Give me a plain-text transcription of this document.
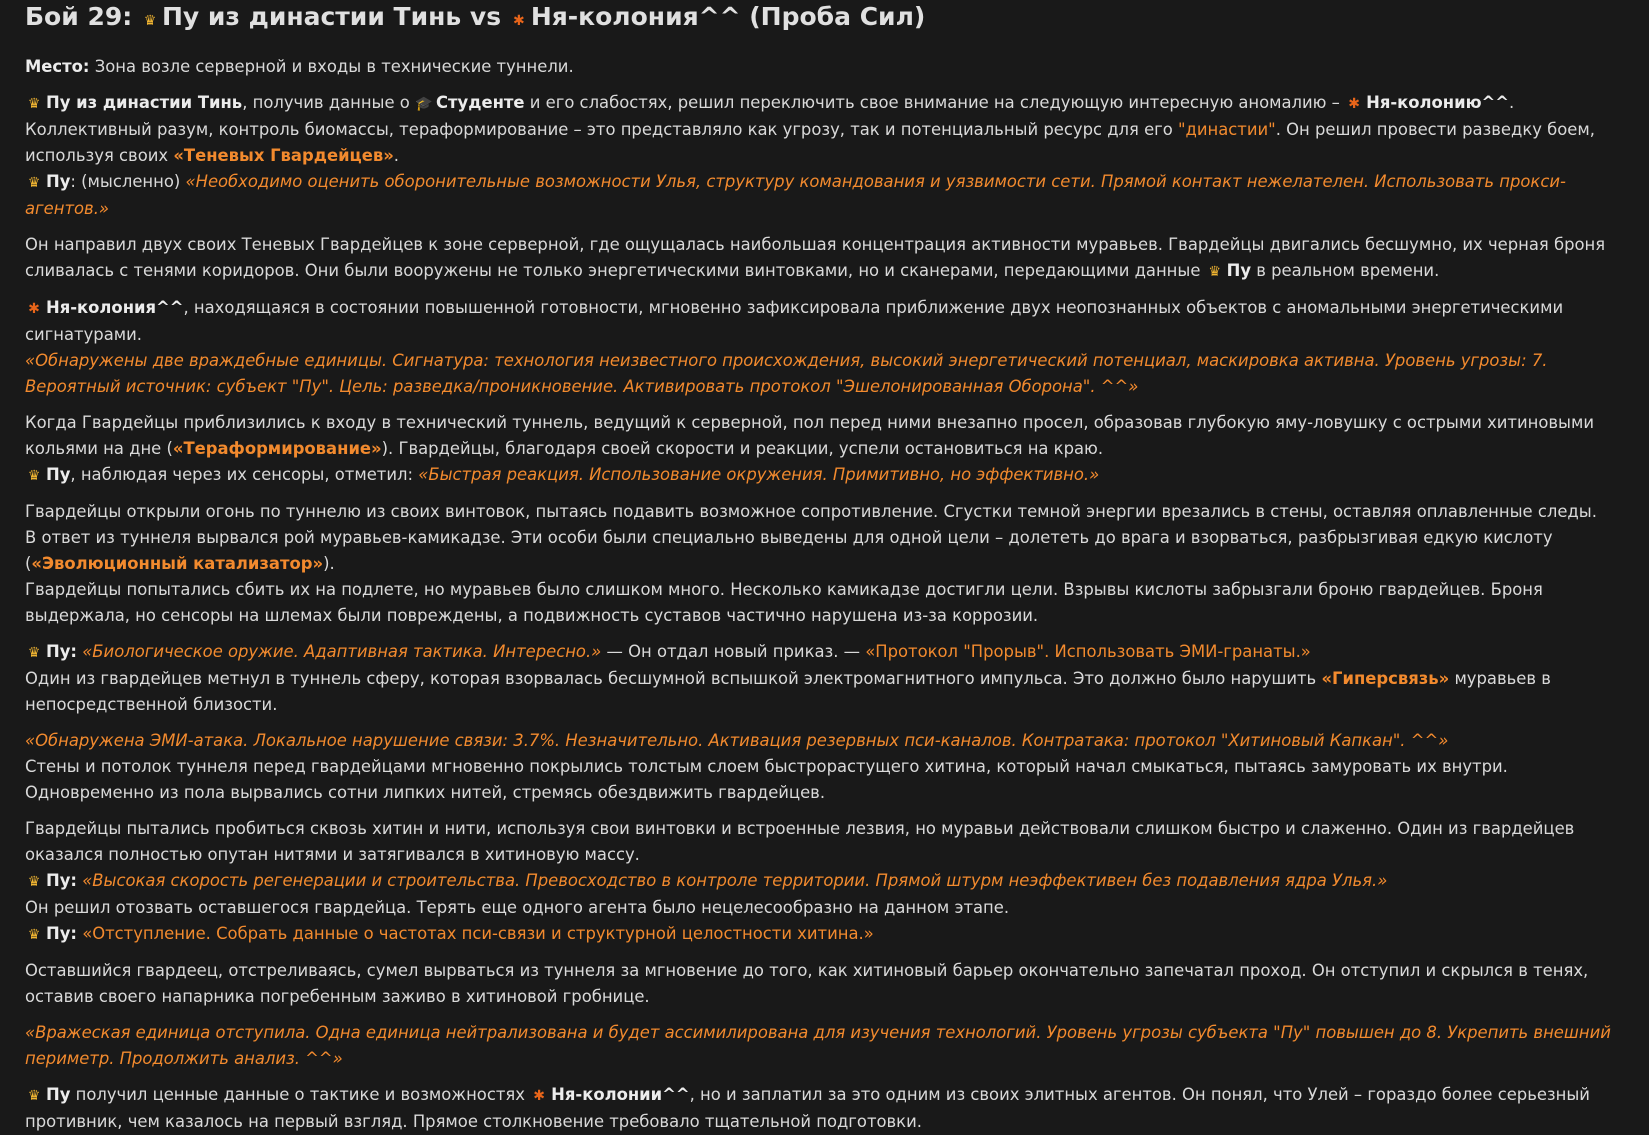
Бой 29: ♛ Пу из династии Тинь vs ✱ Ня-колония^^ (Проба Сил)

Место: Зона возле серверной и входы в технические туннели.

♛ Пу из династии Тинь, получив данные о 🎓 Студенте и его слабостях, решил переключить свое внимание на следующую интересную аномалию – ✱ Ня-колонию^^. Коллективный разум, контроль биомассы, тераформирование – это представляло как угрозу, так и потенциальный ресурс для его "династии". Он решил провести разведку боем, используя своих «Теневых Гвардейцев».

♛ Пу: (мысленно) «Необходимо оценить оборонительные возможности Улья, структуру командования и уязвимости сети. Прямой контакт нежелателен. Использовать прокси-агентов.»

Он направил двух своих Теневых Гвардейцев к зоне серверной, где ощущалась наибольшая концентрация активности муравьев. Гвардейцы двигались бесшумно, их черная броня сливалась с тенями коридоров. Они были вооружены не только энергетическими винтовками, но и сканерами, передающими данные ♛ Пу в реальном времени.

✱ Ня-колония^^, находящаяся в состоянии повышенной готовности, мгновенно зафиксировала приближение двух неопознанных объектов с аномальными энергетическими сигнатурами.

«Обнаружены две враждебные единицы. Сигнатура: технология неизвестного происхождения, высокий энергетический потенциал, маскировка активна. Уровень угрозы: 7. Вероятный источник: субъект "Пу". Цель: разведка/проникновение. Активировать протокол "Эшелонированная Оборона". ^^»

Когда Гвардейцы приблизились к входу в технический туннель, ведущий к серверной, пол перед ними внезапно просел, образовав глубокую яму-ловушку с острыми хитиновыми кольями на дне («Тераформирование»). Гвардейцы, благодаря своей скорости и реакции, успели остановиться на краю.

♛ Пу, наблюдая через их сенсоры, отметил: «Быстрая реакция. Использование окружения. Примитивно, но эффективно.»

Гвардейцы открыли огонь по туннелю из своих винтовок, пытаясь подавить возможное сопротивление. Сгустки темной энергии врезались в стены, оставляя оплавленные следы.

В ответ из туннеля вырвался рой муравьев-камикадзе. Эти особи были специально выведены для одной цели – долететь до врага и взорваться, разбрызгивая едкую кислоту («Эволюционный катализатор»).

Гвардейцы попытались сбить их на подлете, но муравьев было слишком много. Несколько камикадзе достигли цели. Взрывы кислоты забрызгали броню гвардейцев. Броня выдержала, но сенсоры на шлемах были повреждены, а подвижность суставов частично нарушена из-за коррозии.

♛ Пу: «Биологическое оружие. Адаптивная тактика. Интересно.» — Он отдал новый приказ. — «Протокол "Прорыв". Использовать ЭМИ-гранаты.»

Один из гвардейцев метнул в туннель сферу, которая взорвалась бесшумной вспышкой электромагнитного импульса. Это должно было нарушить «Гиперсвязь» муравьев в непосредственной близости.

«Обнаружена ЭМИ-атака. Локальное нарушение связи: 3.7%. Незначительно. Активация резервных пси-каналов. Контратака: протокол "Хитиновый Капкан". ^^»

Стены и потолок туннеля перед гвардейцами мгновенно покрылись толстым слоем быстрорастущего хитина, который начал смыкаться, пытаясь замуровать их внутри. Одновременно из пола вырвались сотни липких нитей, стремясь обездвижить гвардейцев.

Гвардейцы пытались пробиться сквозь хитин и нити, используя свои винтовки и встроенные лезвия, но муравьи действовали слишком быстро и слаженно. Один из гвардейцев оказался полностью опутан нитями и затягивался в хитиновую массу.

♛ Пу: «Высокая скорость регенерации и строительства. Превосходство в контроле территории. Прямой штурм неэффективен без подавления ядра Улья.»

Он решил отозвать оставшегося гвардейца. Терять еще одного агента было нецелесообразно на данном этапе.

♛ Пу: «Отступление. Собрать данные о частотах пси-связи и структурной целостности хитина.»

Оставшийся гвардеец, отстреливаясь, сумел вырваться из туннеля за мгновение до того, как хитиновый барьер окончательно запечатал проход. Он отступил и скрылся в тенях, оставив своего напарника погребенным заживо в хитиновой гробнице.

«Вражеская единица отступила. Одна единица нейтрализована и будет ассимилирована для изучения технологий. Уровень угрозы субъекта "Пу" повышен до 8. Укрепить внешний периметр. Продолжить анализ. ^^»

♛ Пу получил ценные данные о тактике и возможностях ✱ Ня-колонии^^, но и заплатил за это одним из своих элитных агентов. Он понял, что Улей – гораздо более серьезный противник, чем казалось на первый взгляд. Прямое столкновение требовало тщательной подготовки.
